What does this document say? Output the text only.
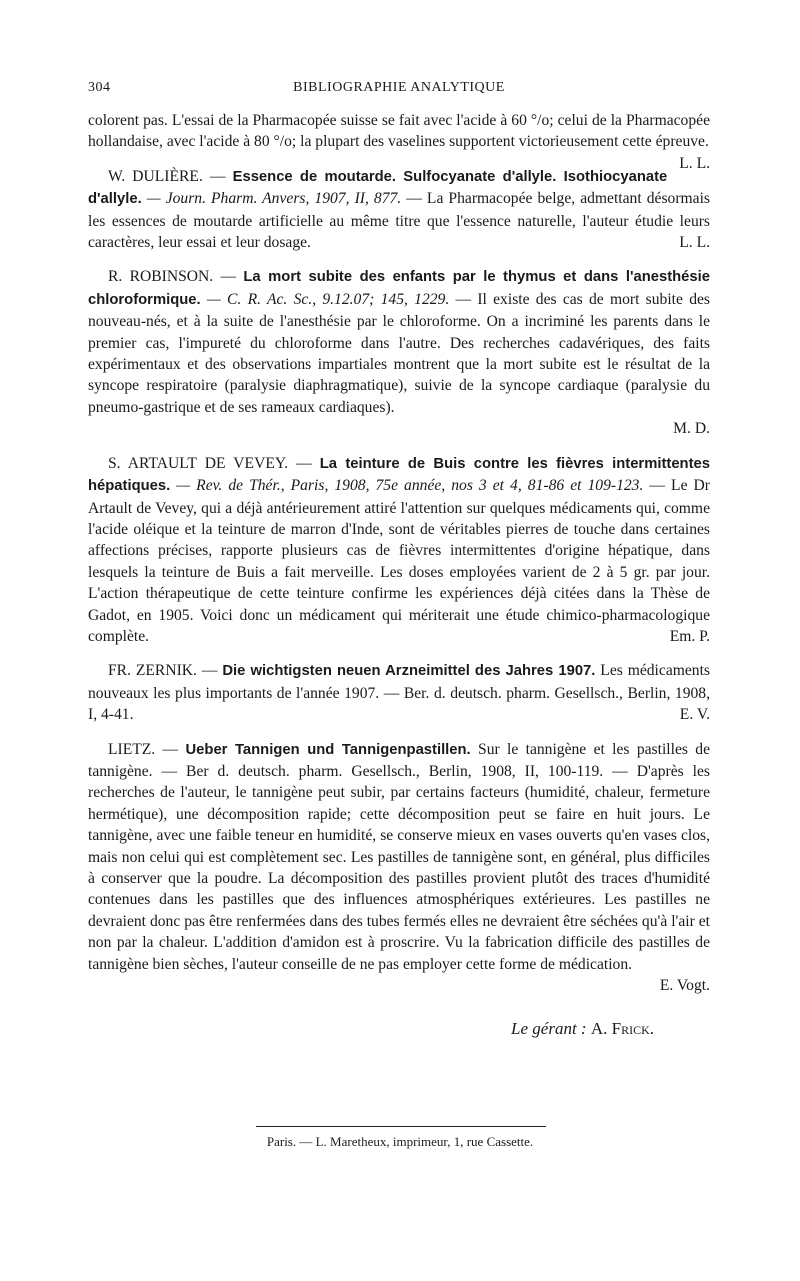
304	BIBLIOGRAPHIE ANALYTIQUE

colorent pas. L'essai de la Pharmacopée suisse se fait avec l'acide à 60 °/o; celui de la Pharmacopée hollandaise, avec l'acide à 80 °/o; la plupart des vaselines supportent victorieusement cette épreuve.
L. L.

W. DULIÈRE. — Essence de moutarde. Sulfocyanate d'allyle. Isothiocyanate d'allyle. — Journ. Pharm. Anvers, 1907, II, 877. — La Pharmacopée belge, admettant désormais les essences de moutarde artificielle au même titre que l'essence naturelle, l'auteur étudie leurs caractères, leur essai et leur dosage.	L. L.

R. ROBINSON. — La mort subite des enfants par le thymus et dans l'anesthésie chloroformique. — C. R. Ac. Sc., 9.12.07; 145, 1229. — Il existe des cas de mort subite des nouveau-nés, et à la suite de l'anesthésie par le chloroforme. On a incriminé les parents dans le premier cas, l'impureté du chloroforme dans l'autre. Des recherches cadavériques, des faits expérimentaux et des observations impartiales montrent que la mort subite est le résultat de la syncope respiratoire (paralysie diaphragmatique), suivie de la syncope cardiaque (paralysie du pneumo-gastrique et de ses rameaux cardiaques).

M. D.

S. ARTAULT DE VEVEY. — La teinture de Buis contre les fièvres intermittentes hépatiques. — Rev. de Thér., Paris, 1908, 75e année, nos 3 et 4, 81-86 et 109-123. — Le Dr Artault de Vevey, qui a déjà antérieurement attiré l'attention sur quelques médicaments qui, comme l'acide oléique et la teinture de marron d'Inde, sont de véritables pierres de touche dans certaines affections précises, rapporte plusieurs cas de fièvres intermittentes d'origine hépatique, dans lesquels la teinture de Buis a fait merveille. Les doses employées varient de 2 à 5 gr. par jour. L'action thérapeutique de cette teinture confirme les expériences déjà citées dans la Thèse de Gadot, en 1905. Voici donc un médicament qui mériterait une étude chimico-pharmacologique complète.	Em. P.

FR. ZERNIK. — Die wichtigsten neuen Arzneimittel des Jahres 1907. Les médicaments nouveaux les plus importants de l'année 1907. — Ber. d. deutsch. pharm. Gesellsch., Berlin, 1908, I, 4-41.	E. V.

LIETZ. — Ueber Tannigen und Tannigenpastillen. Sur le tannigène et les pastilles de tannigène. — Ber d. deutsch. pharm. Gesellsch., Berlin, 1908, II, 100-119. — D'après les recherches de l'auteur, le tannigène peut subir, par certains facteurs (humidité, chaleur, fermeture hermétique), une décomposition rapide; cette décomposition peut se faire en huit jours. Le tannigène, avec une faible teneur en humidité, se conserve mieux en vases ouverts qu'en vases clos, mais non celui qui est complètement sec. Les pastilles de tannigène sont, en général, plus difficiles à conserver que la poudre. La décomposition des pastilles provient plutôt des traces d'humidité contenues dans les pastilles que des influences atmosphériques extérieures. Les pastilles ne devraient donc pas être renfermées dans des tubes fermés elles ne devraient être séchées qu'à l'air et non par la chaleur. L'addition d'amidon est à proscrire. Vu la fabrication difficile des pastilles de tannigène bien sèches, l'auteur conseille de ne pas employer cette forme de médication.

E. Vogt.
Le gérant : A. Frick.
Paris. — L. Maretheux, imprimeur, 1, rue Cassette.
